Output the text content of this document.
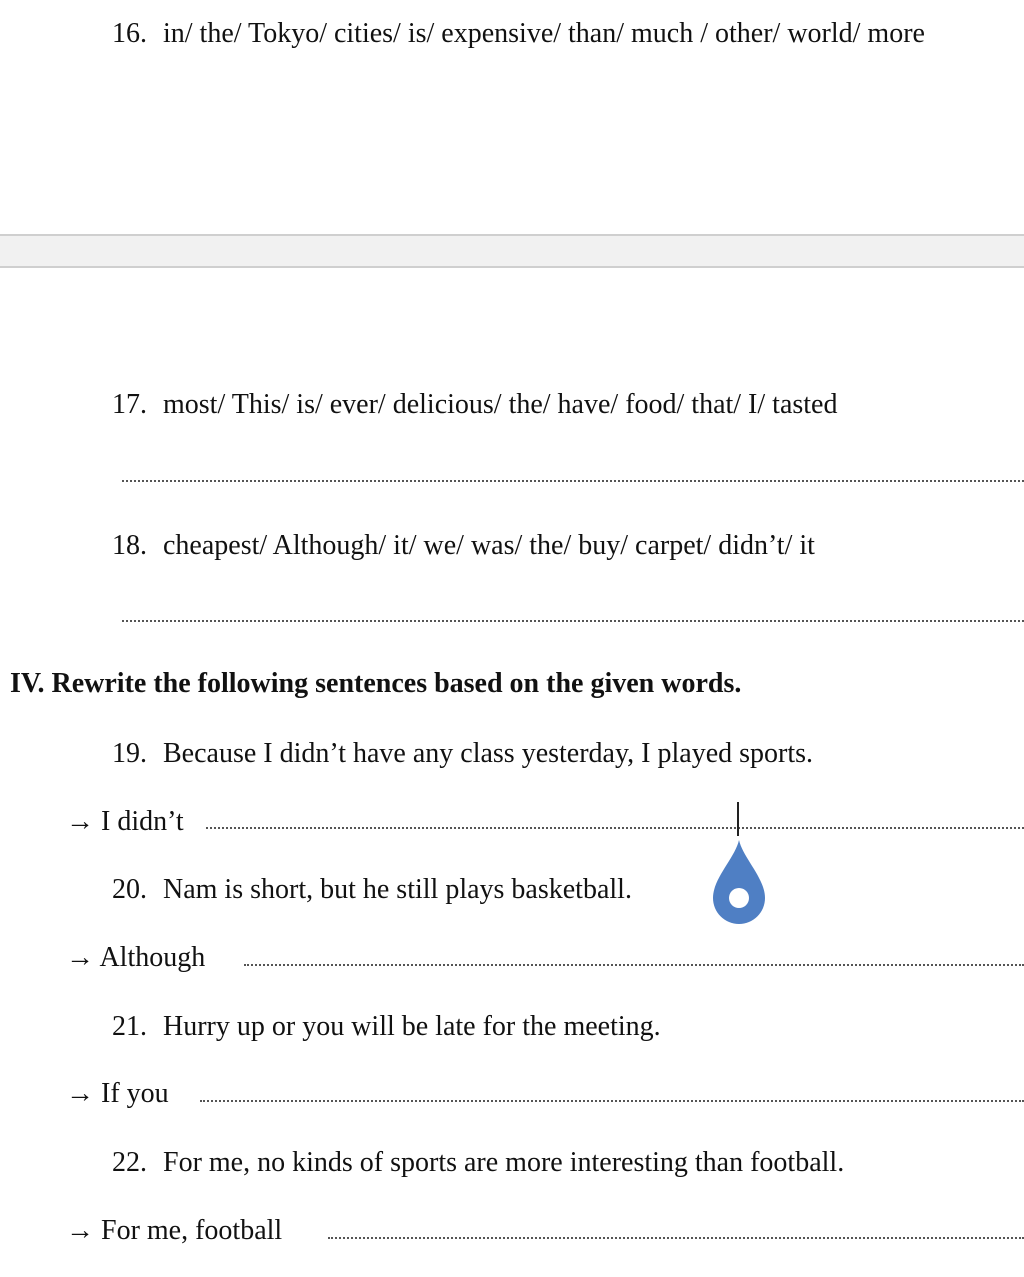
16. in/ the/ Tokyo/ cities/ is/ expensive/ than/ much / other/ world/ more
17. most/ This/ is/ ever/ delicious/ the/ have/ food/ that/ I/ tasted
18. cheapest/ Although/ it/ we/ was/ the/ buy/ carpet/ didn’t/ it
IV. Rewrite the following sentences based on the given words.
19. Because I didn’t have any class yesterday, I played sports.
→ I didn’t
20. Nam is short, but he still plays basketball.
→ Although
21. Hurry up or you will be late for the meeting.
→ If you
22. For me, no kinds of sports are more interesting than football.
→ For me, football
